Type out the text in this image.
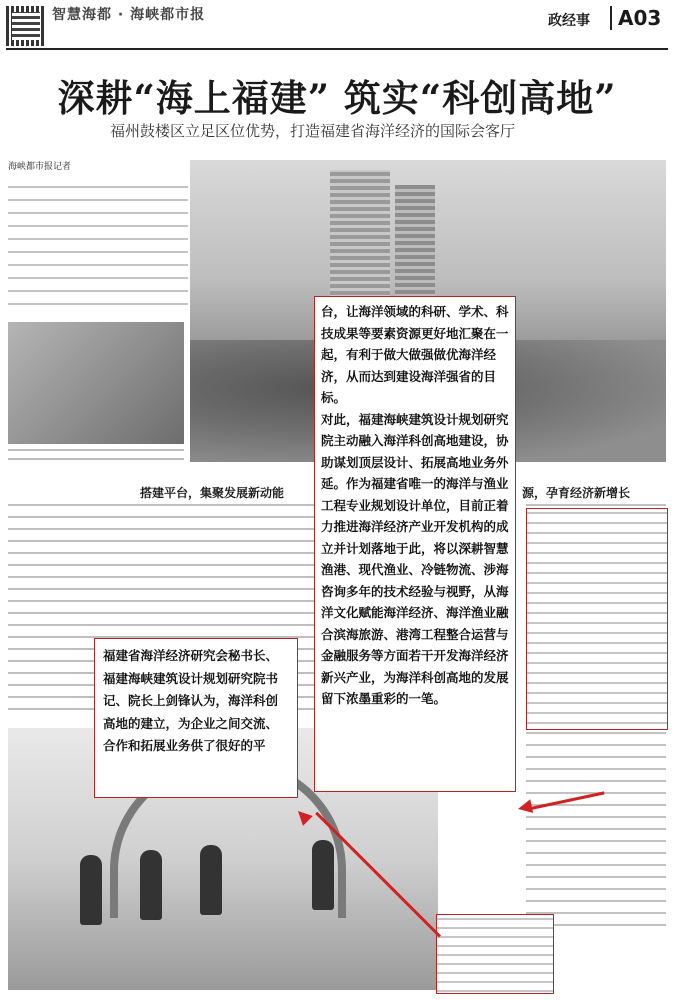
智慧海都 · 海峡都市报	政经事	A03
深耕“海上福建” 筑实“科创高地”
福州鼓楼区立足区位优势，打造福建省海洋经济的国际会客厅
海峡都市报记者
搭建平台，集聚发展新动能	源，孕育经济新增长
台，让海洋领域的科研、学术、科技成果等要素资源更好地汇聚在一起，有利于做大做强做优海洋经济，从而达到建设海洋强省的目标。
对此，福建海峡建筑设计规划研究院主动融入海洋科创高地建设，协助谋划顶层设计、拓展高地业务外延。作为福建省唯一的海洋与渔业工程专业规划设计单位，目前正着力推进海洋经济产业开发机构的成立并计划落地于此，将以深耕智慧渔港、现代渔业、冷链物流、涉海咨询多年的技术经验与视野，从海洋文化赋能海洋经济、海洋渔业融合滨海旅游、港湾工程整合运营与金融服务等方面若干开发海洋经济新兴产业，为海洋科创高地的发展留下浓墨重彩的一笔。
福建省海洋经济研究会秘书长、福建海峡建筑设计规划研究院书记、院长上剑锋认为，海洋科创高地的建立，为企业之间交流、合作和拓展业务供了很好的平
